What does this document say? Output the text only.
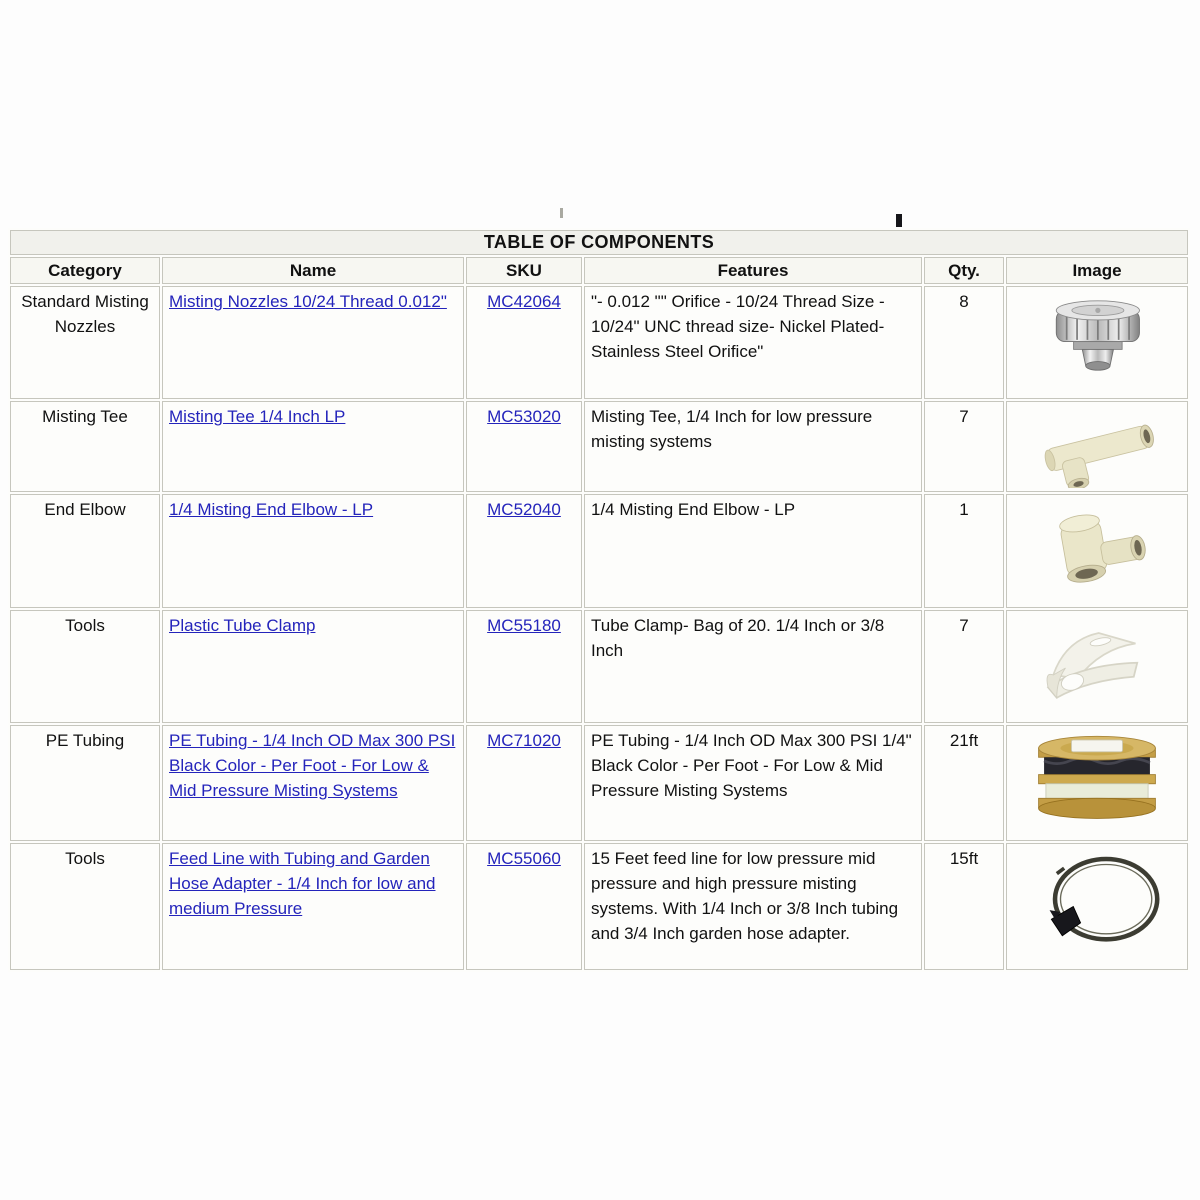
TABLE OF COMPONENTS					
Category	Name	SKU	Features	Qty.	Image
Standard Misting Nozzles	Misting Nozzles 10/24 Thread 0.012"	MC42064	"- 0.012 "" Orifice - 10/24 Thread Size - 10/24" UNC thread size- Nickel Plated- Stainless Steel Orifice"	8	
Misting Tee	Misting Tee 1/4 Inch LP	MC53020	Misting Tee, 1/4 Inch for low pressure misting systems	7	
End Elbow	1/4 Misting End Elbow - LP	MC52040	1/4 Misting End Elbow - LP	1	
Tools	Plastic Tube Clamp	MC55180	Tube Clamp- Bag of 20. 1/4 Inch or 3/8 Inch	7	
PE Tubing	PE Tubing - 1/4 Inch OD Max 300 PSI Black Color - Per Foot - For Low & Mid Pressure Misting Systems	MC71020	PE Tubing - 1/4 Inch OD Max 300 PSI 1/4" Black Color - Per Foot - For Low & Mid Pressure Misting Systems	21ft	
Tools	Feed Line with Tubing and Garden Hose Adapter - 1/4 Inch for low and medium Pressure	MC55060	15 Feet feed line for low pressure mid pressure and high pressure misting systems. With 1/4 Inch or 3/8 Inch tubing and 3/4 Inch garden hose adapter.	15ft	
